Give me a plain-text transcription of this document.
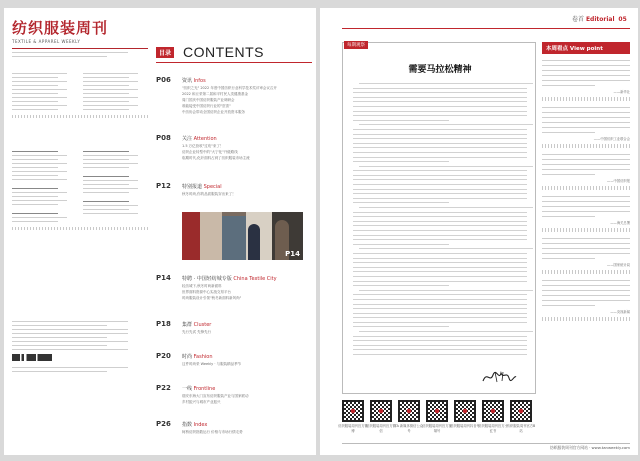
纺织服装周刊
TEXTILE & APPAREL WEEKLY
目录 CONTENTS
P06	资讯 Infos
"纺织之光" 2022 年度中国纺织行业科学技术奖评审会议召开
2022 和丘采第二届和平村民人类健康基金
周门国庆中国纺织服装产业调研会
谁能接受中国纺织行业的"贺喜"
中纺协会带动全国纺织企业开放资本服务
P08	关注 Attention
1.5 万亿营收"过坎"来了！
纺织企业转型中的"大宁化"升级路线
临期时代,化纤面料占到了纺织服装市场主流
P12	特别报道 Special
秋冬时尚,你的品质服装穿出来了！
P14
P14	特聘 · 中国轻纺城专版 China Textile City
轻纺城下,秋冬时尚新面料
世界面料资源中心实战交易平台
时尚服装设计引领"秋冬新面料新风尚"
P18	集群 Cluster
先行先试 先锋先行
P20	时尚 Fashion
这件时尚采 Weekly · 与服装精品季节
P22	一线 Frontline
瑞安东海大门宣布纺织服装产业与国家联动
乡村振兴与城市产业振兴
P26	指数 Index
柯桥纺织指数运行 价格与市场行情走势
卷首 Editorial 05
每期观察
需要马拉松精神
纺织服装周刊官方微博
纺织服装周刊官方微信
TA 新媒体微信公众号
纺织服装周刊官方视频号
纺织服装周刊抖音号
纺织服装周刊官方小红书
纺织服装周刊官方B站
本周看点 View point
——新华社
——中国纺织工业联合会
——中国纺织报
——海关总署
——国家统计局
——央视新闻
纺织服装周刊官方网站 · www.tanweekly.com
